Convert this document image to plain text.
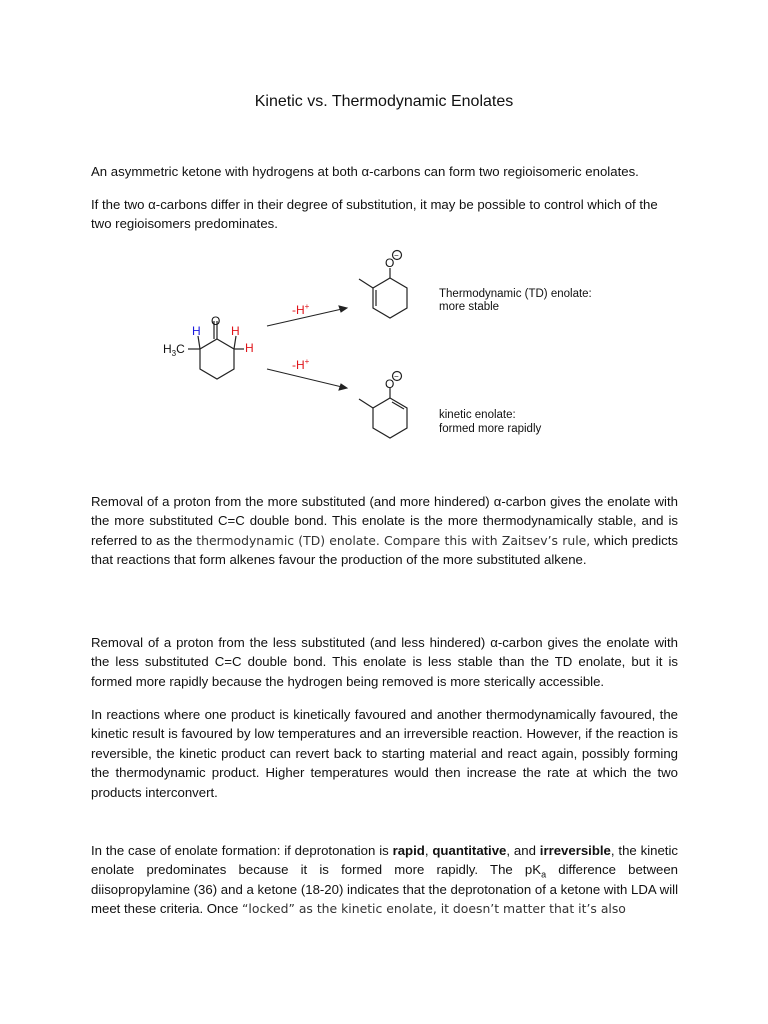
Kinetic vs. Thermodynamic Enolates
An asymmetric ketone with hydrogens at both α-carbons can form two regioisomeric enolates.
If the two α-carbons differ in their degree of substitution, it may be possible to control which of the two regioisomers predominates.
O
H	H
H
$H_3C$
-H+
-H+
O
−
Thermodynamic (TD) enolate:
more stable
O
−
kinetic enolate:
formed more rapidly
Removal of a proton from the more substituted (and more hindered) α-carbon gives the enolate with the more substituted C=C double bond. This enolate is the more thermodynamically stable, and is referred to as the thermodynamic (TD) enolate. Compare this with Zaitsev’s rule, which predicts that reactions that form alkenes favour the production of the more substituted alkene.
Removal of a proton from the less substituted (and less hindered) α-carbon gives the enolate with the less substituted C=C double bond. This enolate is less stable than the TD enolate, but it is formed more rapidly because the hydrogen being removed is more sterically accessible.
In reactions where one product is kinetically favoured and another thermodynamically favoured, the kinetic result is favoured by low temperatures and an irreversible reaction. However, if the reaction is reversible, the kinetic product can revert back to starting material and react again, possibly forming the thermodynamic product. Higher temperatures would then increase the rate at which the two products interconvert.
In the case of enolate formation: if deprotonation is rapid, quantitative, and irreversible, the kinetic enolate predominates because it is formed more rapidly. The $pK_a$ difference between diisopropylamine (36) and a ketone (18-20) indicates that the deprotonation of a ketone with LDA will meet these criteria. Once “locked” as the kinetic enolate, it doesn’t matter that it’s also
